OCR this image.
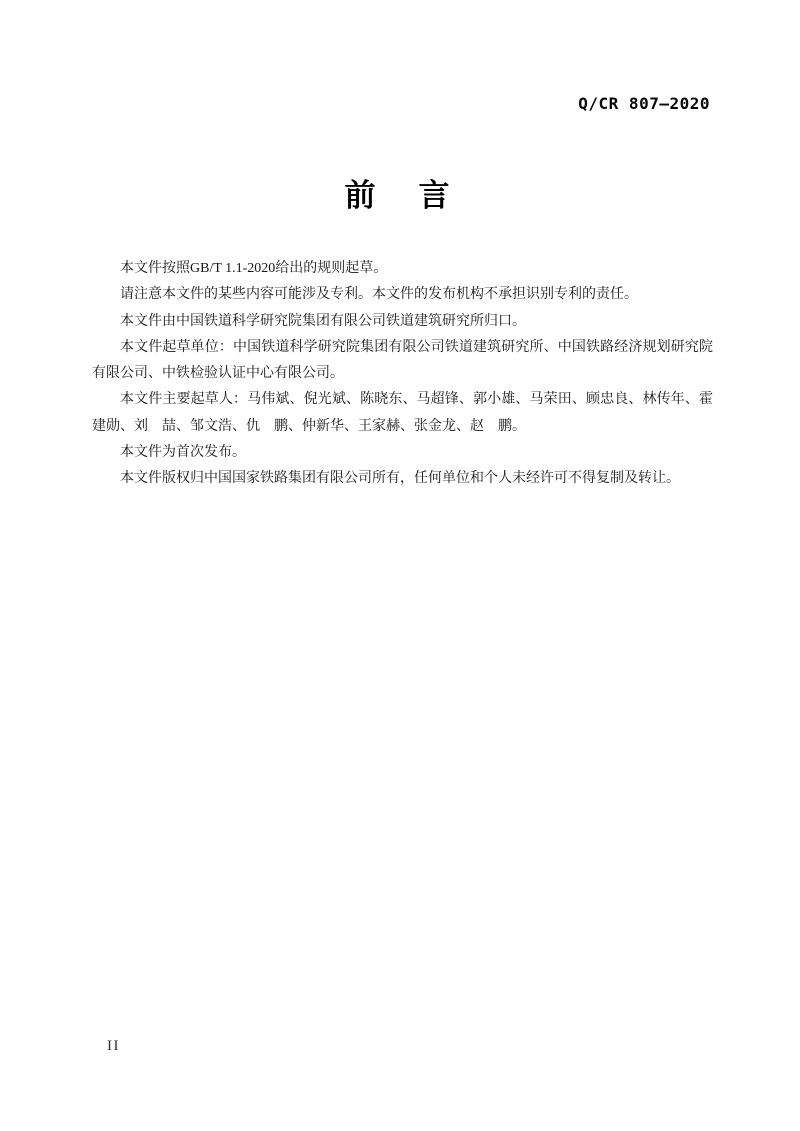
Q/CR 807—2020
前　言

本文件按照GB/T 1.1-2020给出的规则起草。

请注意本文件的某些内容可能涉及专利。本文件的发布机构不承担识别专利的责任。

本文件由中国铁道科学研究院集团有限公司铁道建筑研究所归口。

本文件起草单位：中国铁道科学研究院集团有限公司铁道建筑研究所、中国铁路经济规划研究院有限公司、中铁检验认证中心有限公司。

本文件主要起草人：马伟斌、倪光斌、陈晓东、马超锋、郭小雄、马荣田、顾忠良、林传年、霍建勋、刘　喆、邹文浩、仇　鹏、仲新华、王家赫、张金龙、赵　鹏。

本文件为首次发布。

本文件版权归中国国家铁路集团有限公司所有，任何单位和个人未经许可不得复制及转让。

II
